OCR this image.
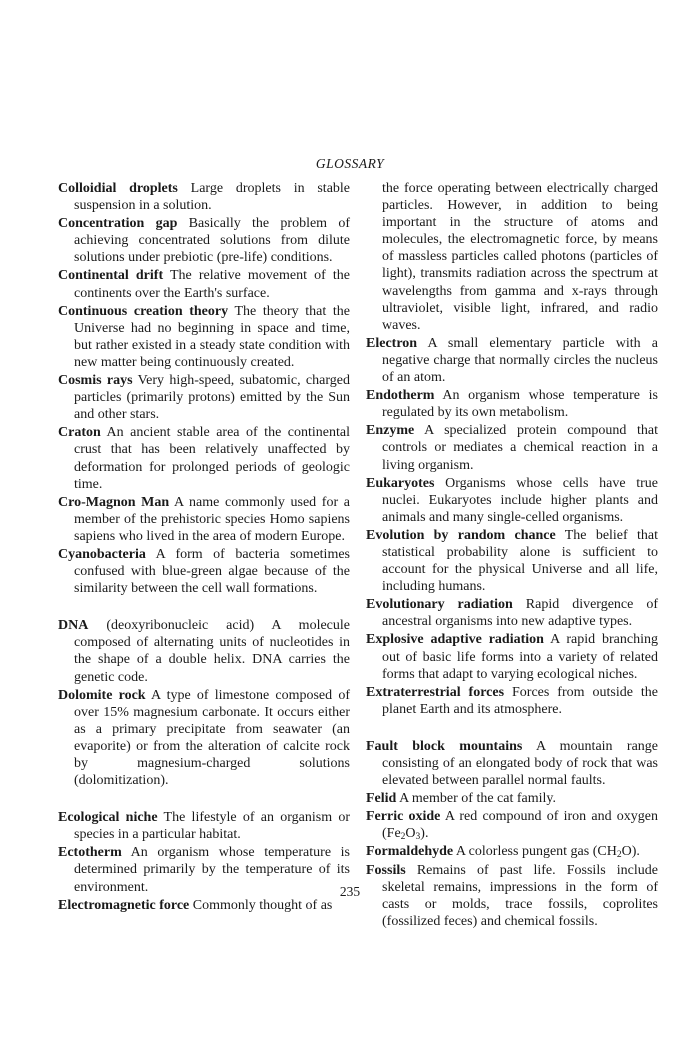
GLOSSARY

Colloidial droplets Large droplets in stable suspension in a solution.

Concentration gap Basically the problem of achieving concentrated solutions from dilute solutions under prebiotic (pre-life) conditions.

Continental drift The relative movement of the continents over the Earth's surface.

Continuous creation theory The theory that the Universe had no beginning in space and time, but rather existed in a steady state condition with new matter being continuously created.

Cosmis rays Very high-speed, subatomic, charged particles (primarily protons) emitted by the Sun and other stars.

Craton An ancient stable area of the continental crust that has been relatively unaffected by deformation for prolonged periods of geologic time.

Cro-Magnon Man A name commonly used for a member of the prehistoric species Homo sapiens sapiens who lived in the area of modern Europe.

Cyanobacteria A form of bacteria sometimes confused with blue-green algae because of the similarity between the cell wall formations.

DNA (deoxyribonucleic acid) A molecule composed of alternating units of nucleotides in the shape of a double helix. DNA carries the genetic code.

Dolomite rock A type of limestone composed of over 15% magnesium carbonate. It occurs either as a primary precipitate from seawater (an evaporite) or from the alteration of calcite rock by magnesium-charged solutions (dolomitization).

Ecological niche The lifestyle of an organism or species in a particular habitat.

Ectotherm An organism whose temperature is determined primarily by the temperature of its environment.

Electromagnetic force Commonly thought of as

the force operating between electrically charged particles. However, in addition to being important in the structure of atoms and molecules, the electromagnetic force, by means of massless particles called photons (particles of light), transmits radiation across the spectrum at wavelengths from gamma and x-rays through ultraviolet, visible light, infrared, and radio waves.

Electron A small elementary particle with a negative charge that normally circles the nucleus of an atom.

Endotherm An organism whose temperature is regulated by its own metabolism.

Enzyme A specialized protein compound that controls or mediates a chemical reaction in a living organism.

Eukaryotes Organisms whose cells have true nuclei. Eukaryotes include higher plants and animals and many single-celled organisms.

Evolution by random chance The belief that statistical probability alone is sufficient to account for the physical Universe and all life, including humans.

Evolutionary radiation Rapid divergence of ancestral organisms into new adaptive types.

Explosive adaptive radiation A rapid branching out of basic life forms into a variety of related forms that adapt to varying ecological niches.

Extraterrestrial forces Forces from outside the planet Earth and its atmosphere.

Fault block mountains A mountain range consisting of an elongated body of rock that was elevated between parallel normal faults.

Felid A member of the cat family.

Ferric oxide A red compound of iron and oxygen $(Fe_2O_3)$.

Formaldehyde A colorless pungent gas $(CH_2O)$.

Fossils Remains of past life. Fossils include skeletal remains, impressions in the form of casts or molds, trace fossils, coprolites (fossilized feces) and chemical fossils.

235
